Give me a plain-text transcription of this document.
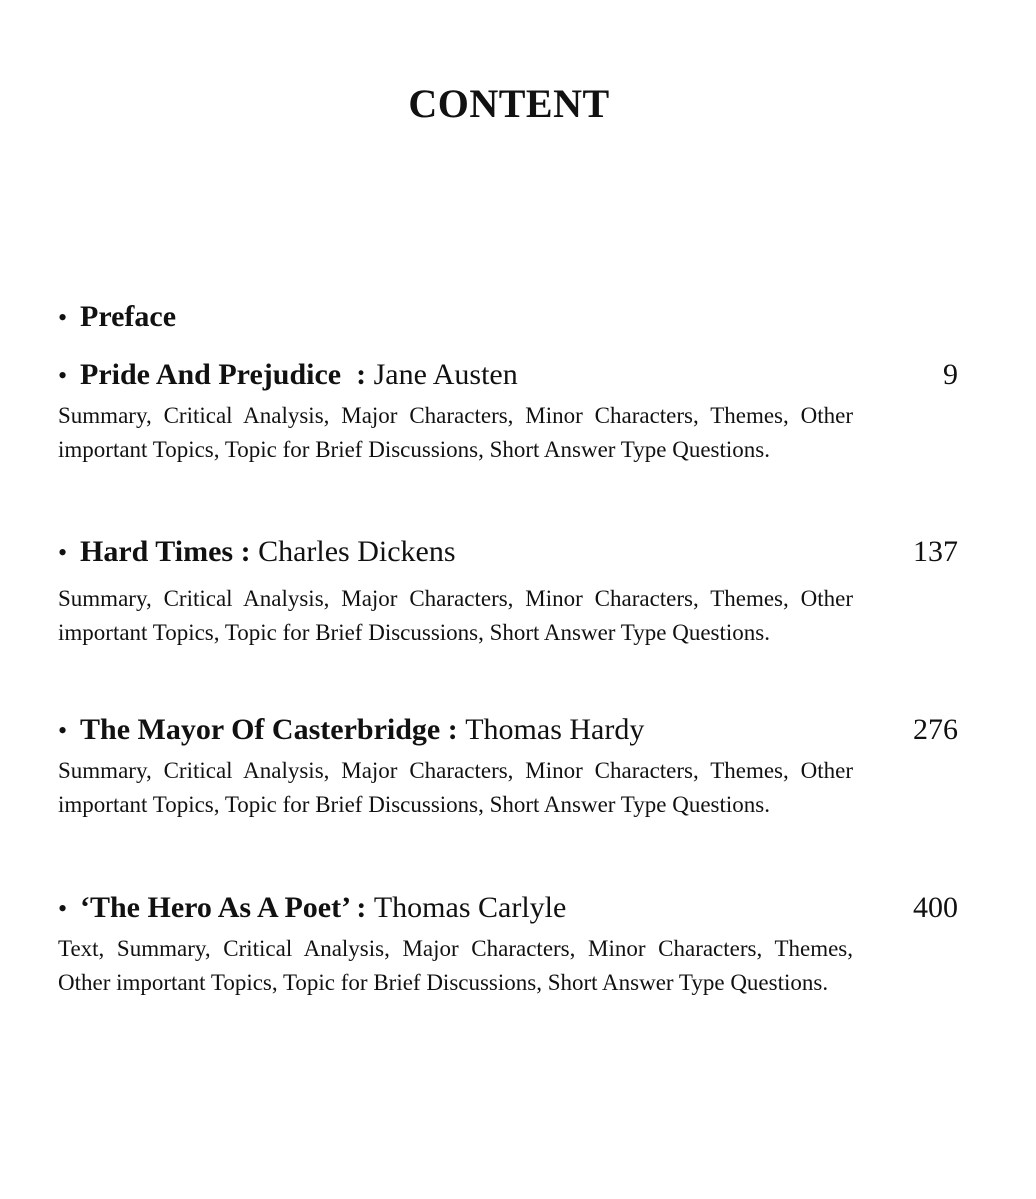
CONTENT
• Preface
• Pride And Prejudice  : Jane Austen	9
Summary, Critical Analysis, Major Characters, Minor Characters, Themes, Other important Topics, Topic for Brief Discussions, Short Answer Type Questions.
• Hard Times : Charles Dickens	137
Summary, Critical Analysis, Major Characters, Minor Characters, Themes, Other important Topics, Topic for Brief Discussions, Short Answer Type Questions.
• The Mayor Of Casterbridge : Thomas Hardy	276
Summary, Critical Analysis, Major Characters, Minor Characters, Themes, Other important Topics, Topic for Brief Discussions, Short Answer Type Questions.
• ‘The Hero As A Poet’ : Thomas Carlyle	400
Text, Summary, Critical Analysis, Major Characters, Minor Characters, Themes, Other important Topics, Topic for Brief Discussions, Short Answer Type Questions.
